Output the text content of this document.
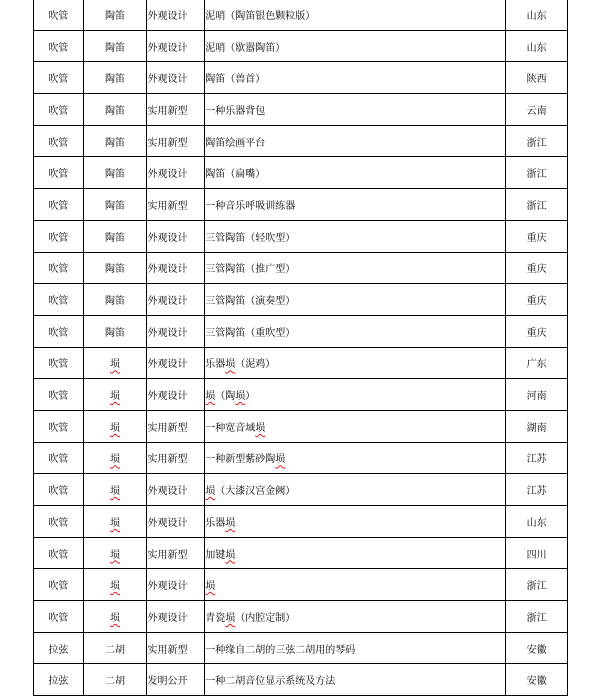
吹管	陶笛	外观设计	泥哨（陶笛银色颗粒版）	山东
吹管	陶笛	外观设计	泥哨（歇嚣陶笛）	山东
吹管	陶笛	外观设计	陶笛（兽首）	陕西
吹管	陶笛	实用新型	一种乐器背包	云南
吹管	陶笛	实用新型	陶笛绘画平台	浙江
吹管	陶笛	外观设计	陶笛（扁嘴）	浙江
吹管	陶笛	实用新型	一种音乐呼吸训练器	浙江
吹管	陶笛	外观设计	三管陶笛（轻吹型）	重庆
吹管	陶笛	外观设计	三管陶笛（推广型）	重庆
吹管	陶笛	外观设计	三管陶笛（演奏型）	重庆
吹管	陶笛	外观设计	三管陶笛（重吹型）	重庆
吹管	埙	外观设计	乐器埙（泥鸡）	广东
吹管	埙	外观设计	埙（陶埙）	河南
吹管	埙	实用新型	一种宽音域埙	湖南
吹管	埙	实用新型	一种新型紫砂陶埙	江苏
吹管	埙	外观设计	埙（大漆汉宫金阙）	江苏
吹管	埙	外观设计	乐器埙	山东
吹管	埙	实用新型	加键埙	四川
吹管	埙	外观设计	埙	浙江
吹管	埙	外观设计	青瓷埙（内腔定制）	浙江
拉弦	二胡	实用新型	一种缘自二胡的三弦二胡用的琴码	安徽
拉弦	二胡	发明公开	一种二胡音位显示系统及方法	安徽
